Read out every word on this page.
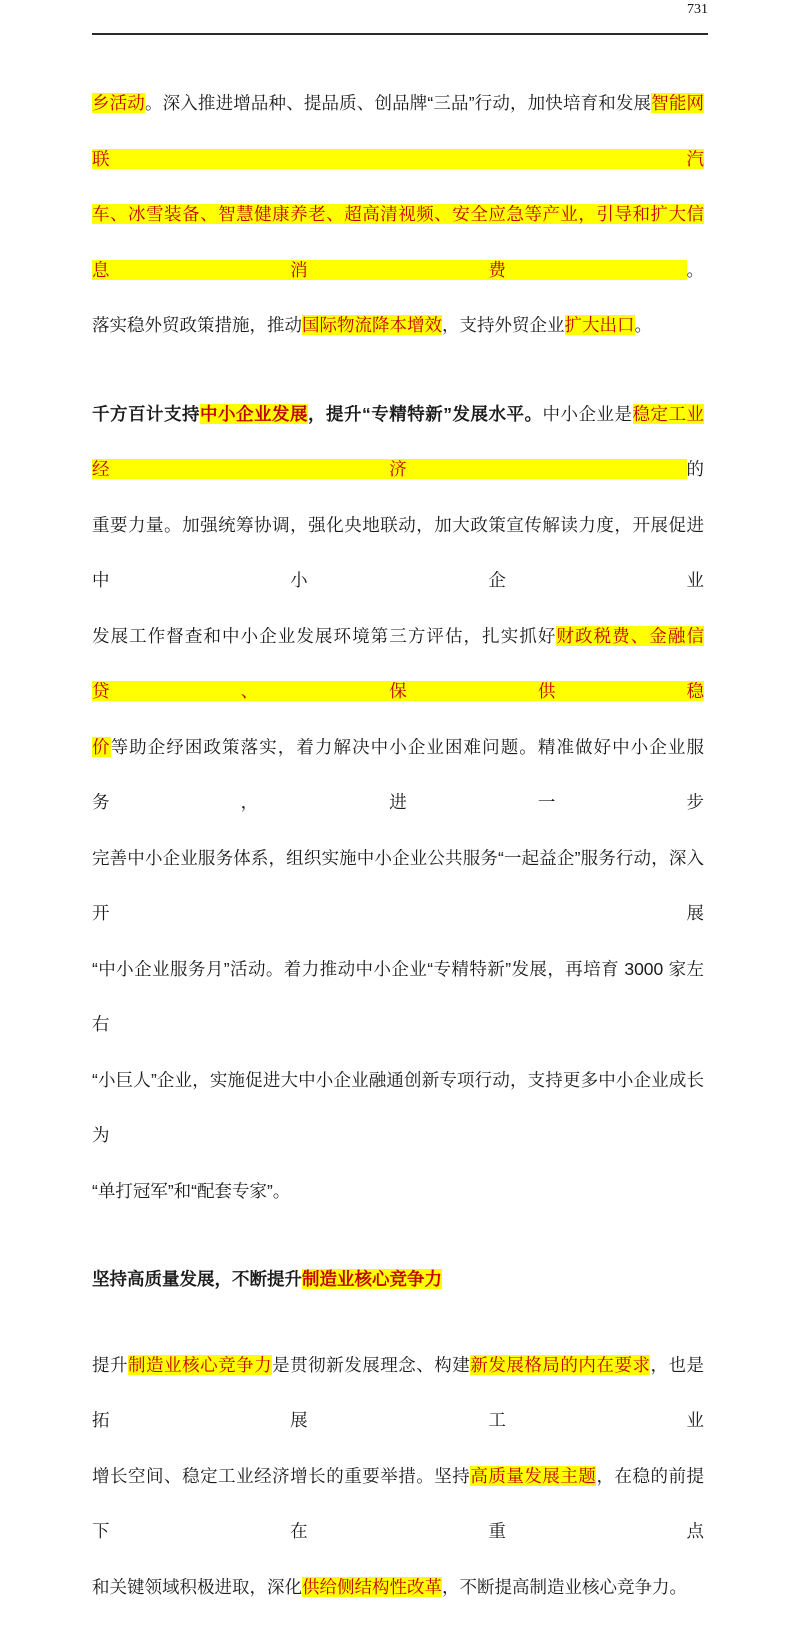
731
乡活动。深入推进增品种、提品质、创品牌“三品”行动，加快培育和发展智能网联汽
车、冰雪装备、智慧健康养老、超高清视频、安全应急等产业，引导和扩大信息消费。
落实稳外贸政策措施，推动国际物流降本增效，支持外贸企业扩大出口。
千方百计支持中小企业发展，提升“专精特新”发展水平。中小企业是稳定工业经济的
重要力量。加强统筹协调，强化央地联动，加大政策宣传解读力度，开展促进中小企业
发展工作督查和中小企业发展环境第三方评估，扎实抓好财政税费、金融信贷、保供稳
价等助企纾困政策落实，着力解决中小企业困难问题。精准做好中小企业服务，进一步
完善中小企业服务体系，组织实施中小企业公共服务“一起益企”服务行动，深入开展
“中小企业服务月”活动。着力推动中小企业“专精特新”发展，再培育 3000 家左右
“小巨人”企业，实施促进大中小企业融通创新专项行动，支持更多中小企业成长为
“单打冠军”和“配套专家”。
坚持高质量发展，不断提升制造业核心竞争力
提升制造业核心竞争力是贯彻新发展理念、构建新发展格局的内在要求，也是拓展工业
增长空间、稳定工业经济增长的重要举措。坚持高质量发展主题，在稳的前提下在重点
和关键领域积极进取，深化供给侧结构性改革，不断提高制造业核心竞争力。
